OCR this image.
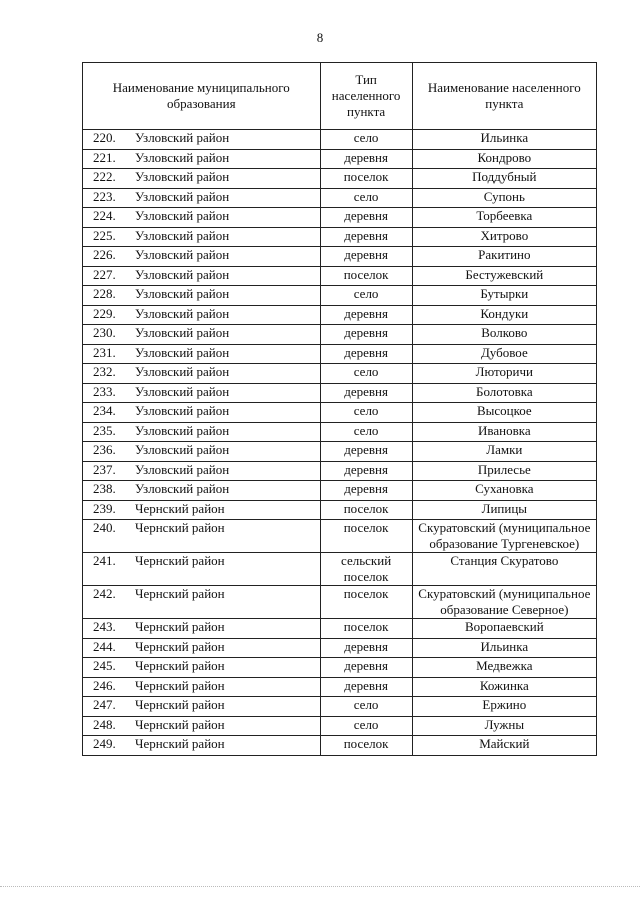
8
Наименование муниципального образования	Тип населенного пункта	Наименование населенного пункта
220. Узловский район	село	Ильинка
221. Узловский район	деревня	Кондрово
222. Узловский район	поселок	Поддубный
223. Узловский район	село	Супонь
224. Узловский район	деревня	Торбеевка
225. Узловский район	деревня	Хитрово
226. Узловский район	деревня	Ракитино
227. Узловский район	поселок	Бестужевский
228. Узловский район	село	Бутырки
229. Узловский район	деревня	Кондуки
230. Узловский район	деревня	Волково
231. Узловский район	деревня	Дубовое
232. Узловский район	село	Люторичи
233. Узловский район	деревня	Болотовка
234. Узловский район	село	Высоцкое
235. Узловский район	село	Ивановка
236. Узловский район	деревня	Ламки
237. Узловский район	деревня	Прилесье
238. Узловский район	деревня	Сухановка
239. Чернский район	поселок	Липицы
240. Чернский район	поселок	Скуратовский (муниципальное образование Тургеневское)
241. Чернский район	сельский поселок	Станция Скуратово
242. Чернский район	поселок	Скуратовский (муниципальное образование Северное)
243. Чернский район	поселок	Воропаевский
244. Чернский район	деревня	Ильинка
245. Чернский район	деревня	Медвежка
246. Чернский район	деревня	Кожинка
247. Чернский район	село	Ержино
248. Чернский район	село	Лужны
249. Чернский район	поселок	Майский
